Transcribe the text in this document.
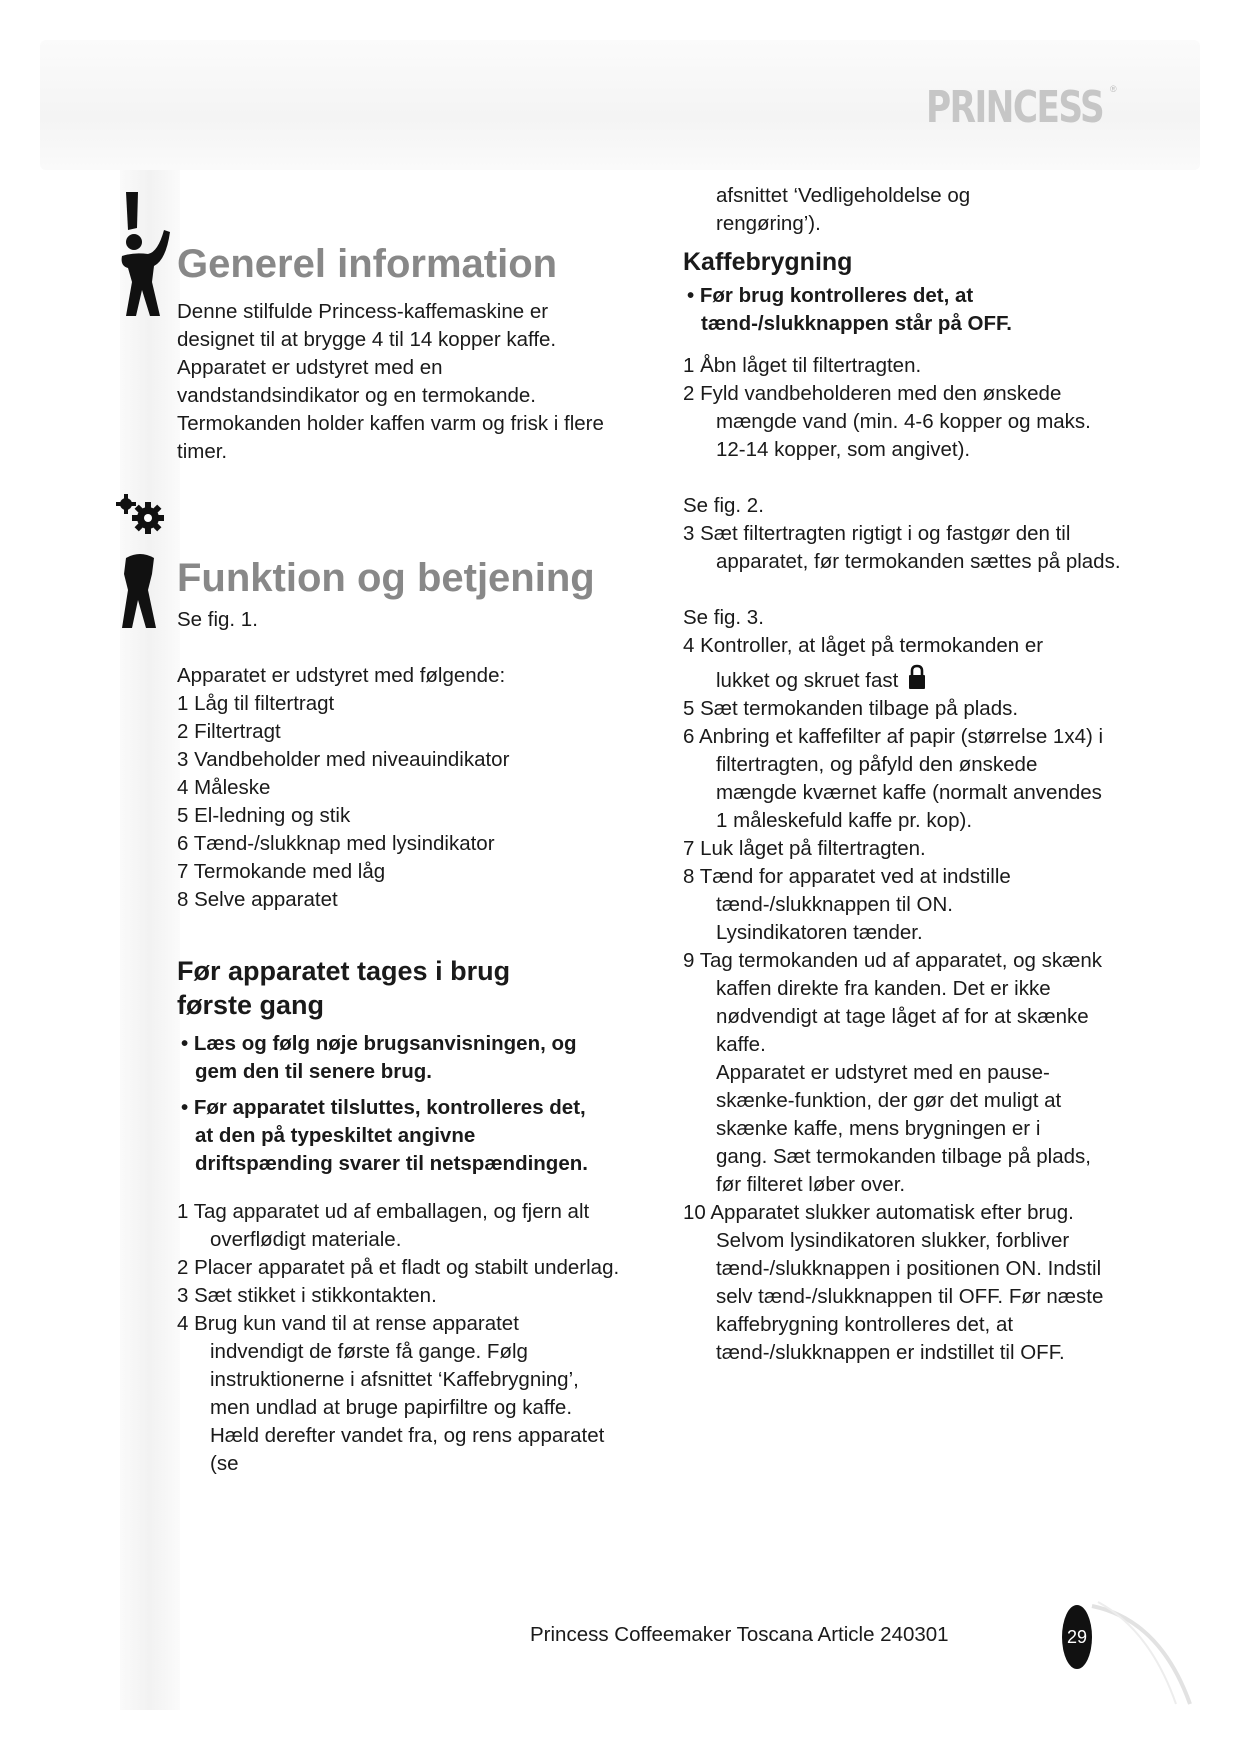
PRINCESS ®
Generel information

Denne stilfulde Princess-kaffemaskine er designet til at brygge 4 til 14 kopper kaffe. Apparatet er udstyret med en vandstandsindikator og en termokande. Termokanden holder kaffen varm og frisk i flere timer.

Funktion og betjening

Se fig. 1.

Apparatet er udstyret med følgende:

1 Låg til filtertragt

2 Filtertragt

3 Vandbeholder med niveauindikator

4 Måleske

5 El-ledning og stik

6 Tænd-/slukknap med lysindikator

7 Termokande med låg

8 Selve apparatet

Før apparatet tages i brug første gang

• Læs og følg nøje brugsanvisningen, og gem den til senere brug.

• Før apparatet tilsluttes, kontrolleres det, at den på typeskiltet angivne driftspænding svarer til netspændingen.

1 Tag apparatet ud af emballagen, og fjern alt overflødigt materiale.

2 Placer apparatet på et fladt og stabilt underlag.

3 Sæt stikket i stikkontakten.

4 Brug kun vand til at rense apparatet indvendigt de første få gange. Følg instruktionerne i afsnittet ‘Kaffebrygning’, men undlad at bruge papirfiltre og kaffe. Hæld derefter vandet fra, og rens apparatet (se

afsnittet ‘Vedligeholdelse og rengøring’).

Kaffebrygning

• Før brug kontrolleres det, at tænd-/slukknappen står på OFF.

1 Åbn låget til filtertragten.

2 Fyld vandbeholderen med den ønskede mængde vand (min. 4-6 kopper og maks. 12-14 kopper, som angivet).

Se fig. 2.

3 Sæt filtertragten rigtigt i og fastgør den til apparatet, før termokanden sættes på plads.

Se fig. 3.

4 Kontroller, at låget på termokanden er

lukket og skruet fast

5 Sæt termokanden tilbage på plads.

6 Anbring et kaffefilter af papir (størrelse 1x4) i filtertragten, og påfyld den ønskede mængde kværnet kaffe (normalt anvendes 1 måleskefuld kaffe pr. kop).

7 Luk låget på filtertragten.

8 Tænd for apparatet ved at indstille tænd-/slukknappen til ON. Lysindikatoren tænder.

9 Tag termokanden ud af apparatet, og skænk kaffen direkte fra kanden. Det er ikke nødvendigt at tage låget af for at skænke kaffe.

Apparatet er udstyret med en pause-skænke-funktion, der gør det muligt at skænke kaffe, mens brygningen er i gang. Sæt termokanden tilbage på plads, før filteret løber over.

10 Apparatet slukker automatisk efter brug. Selvom lysindikatoren slukker, forbliver tænd-/slukknappen i positionen ON. Indstil selv tænd-/slukknappen til OFF. Før næste kaffebrygning kontrolleres det, at tænd-/slukknappen er indstillet til OFF.

Princess Coffeemaker Toscana Article 240301	29
